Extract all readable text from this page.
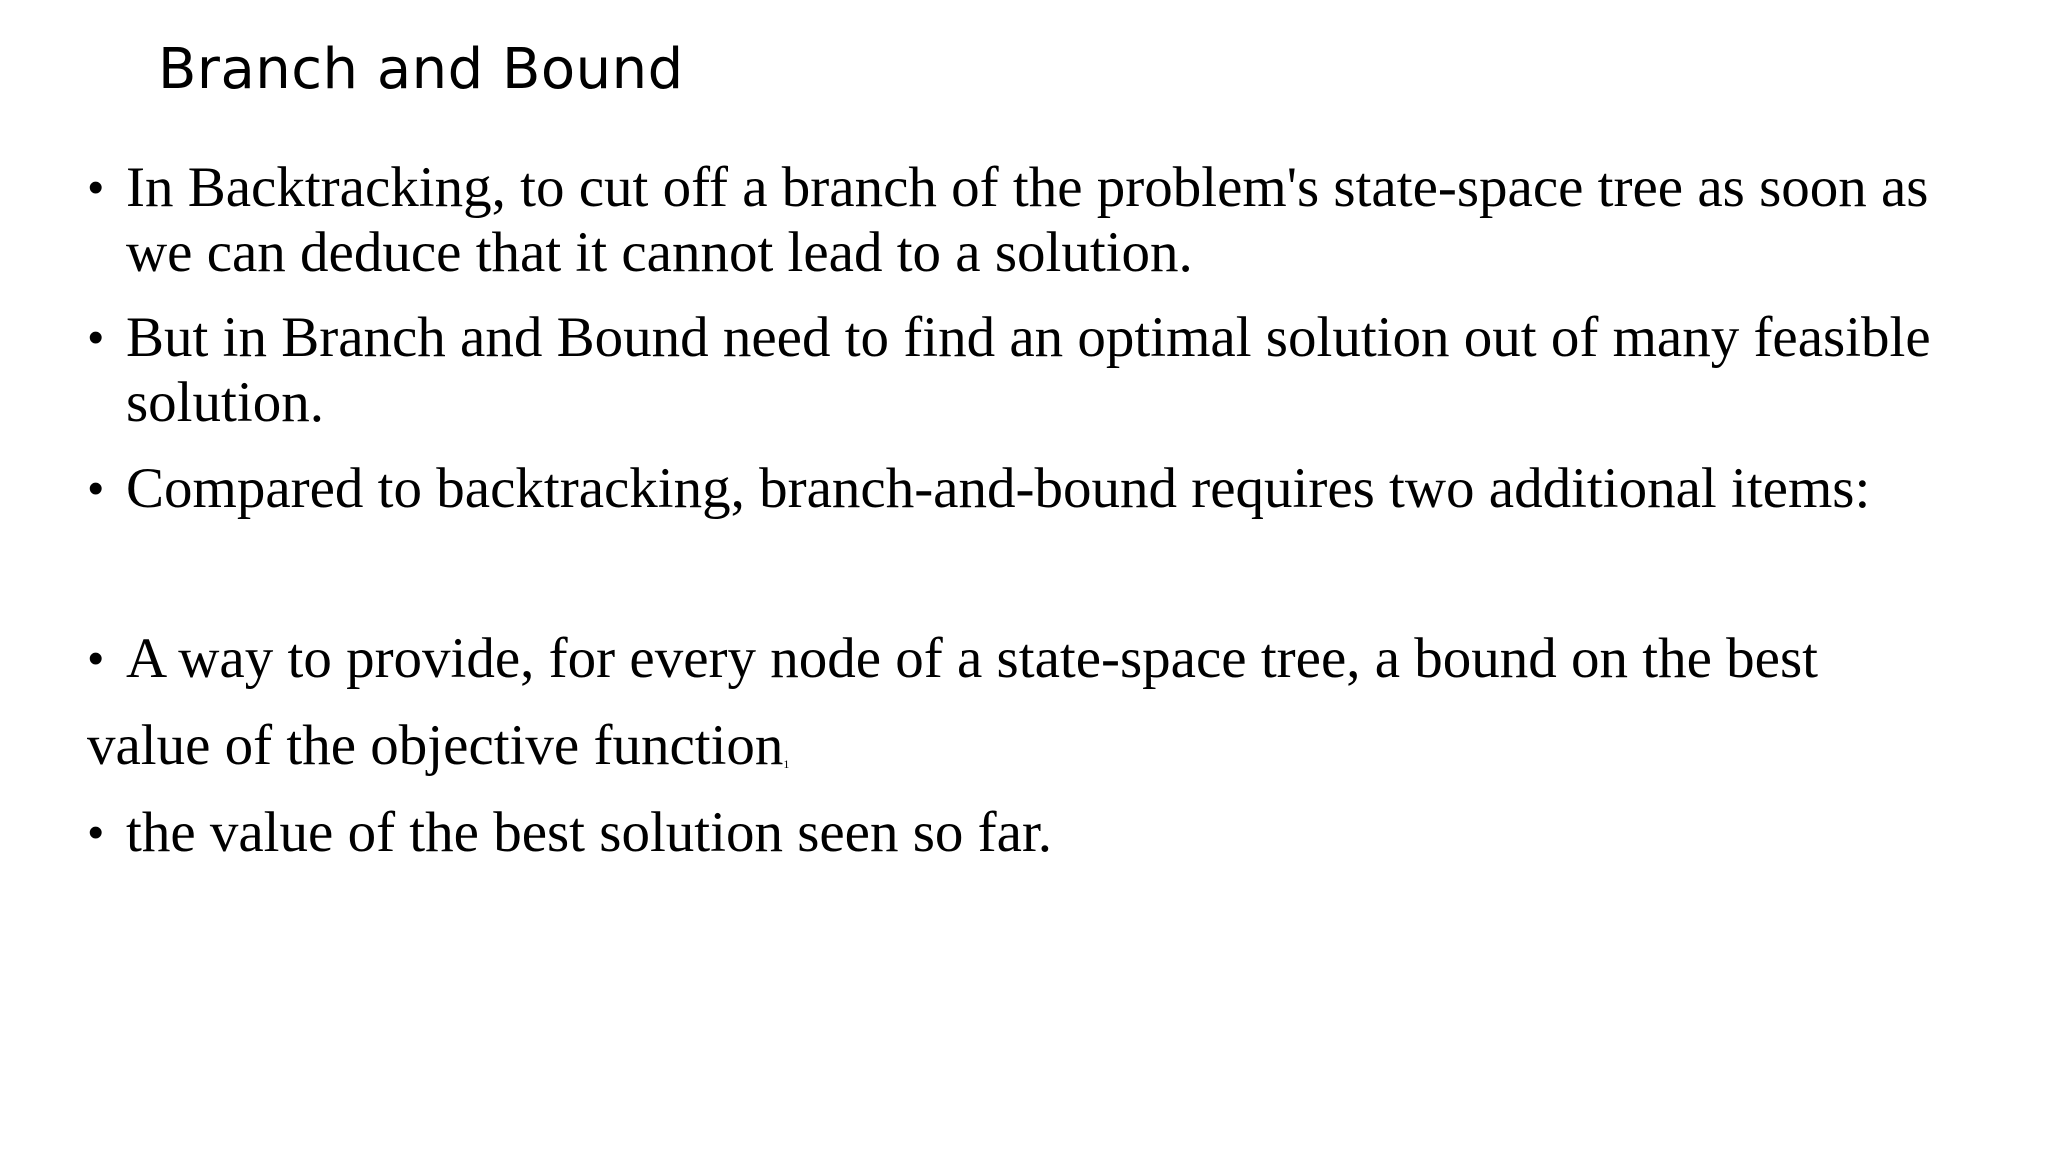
Branch and Bound
• In Backtracking, to cut off a branch of the problem's state-space tree as soon as we can deduce that it cannot lead to a solution.
• But in Branch and Bound need to find an optimal solution out of many feasible solution.
• Compared to backtracking, branch-and-bound requires two additional items:
• A way to provide, for every node of a state-space tree, a bound on the best
value of the objective function1
• the value of the best solution seen so far.
